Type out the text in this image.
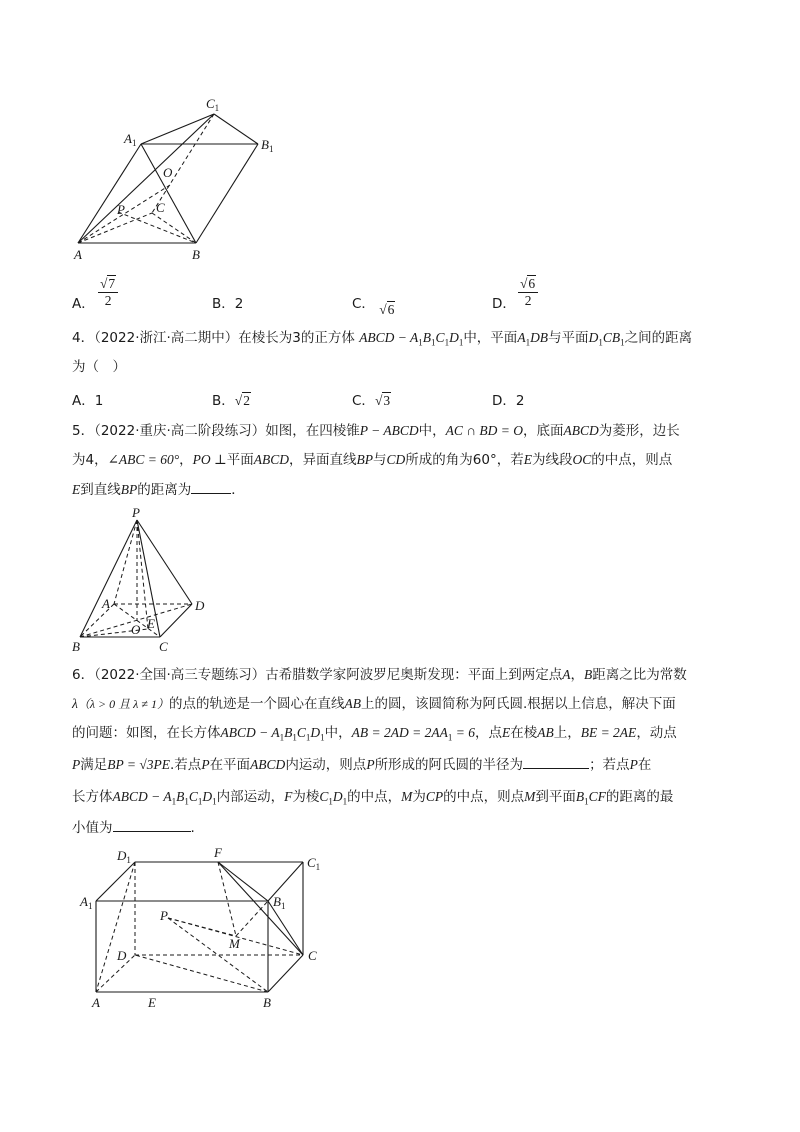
$C_1$
$A_1$	$B_1$
O
P C
A	B
A． $\frac{√7}{2}$	B．2	C． √6	D． $\frac{√6}{2}$
4．（2022·浙江·高二期中）在棱长为3的正方体 ABCD − $A_1B_1C_1D_1$中，平面$A_1DB$与平面$D_1CB_1$之间的距离
为（　）
A．1	B．√2	C．√3	D．2
5．（2022·重庆·高二阶段练习）如图，在四棱锥P − ABCD中，AC ∩ BD = O，底面ABCD为菱形，边长
为4，∠ABC = 60°，PO ⊥平面ABCD，异面直线BP与CD所成的角为60°，若E为线段OC的中点，则点
E到直线BP的距离为	．
P
A	D
O E
B	C
6．（2022·全国·高三专题练习）古希腊数学家阿波罗尼奥斯发现：平面上到两定点A，B距离之比为常数
λ（λ > 0 且 λ ≠ 1）的点的轨迹是一个圆心在直线AB上的圆，该圆简称为阿氏圆.根据以上信息，解决下面
的问题：如图，在长方体ABCD − $A_1B_1C_1D_1$中，AB = $2AD = 2AA_1 = 6$，点E在棱AB上，BE = 2AE，动点
P满足BP = √3PE.若点P在平面ABCD内运动，则点P所形成的阿氏圆的半径为	；若点P在
长方体ABCD − $A_1B_1C_1D_1$内部运动，F为棱$C_1D_1$的中点，M为CP的中点，则点M到平面$B_1CF$的距离的最
小值为	.
$D_1$	F
$C_1$
$A_1$	$B_1$
P
M
D	C
A	E	B
